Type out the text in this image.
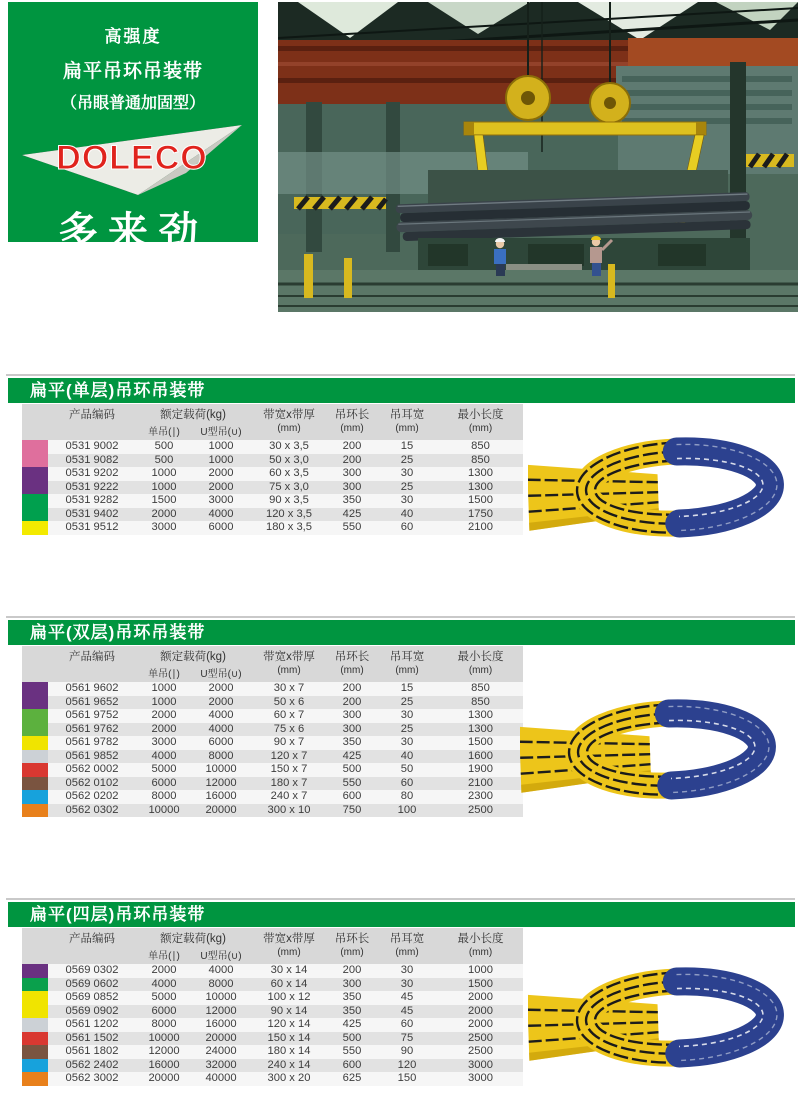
高强度
扁平吊环吊装带
（吊眼普通加固型）
DOLECO
多来劲
扁平(单层)吊环吊装带
产品编码	额定载荷(kg)	带宽x带厚	吊环长	吊耳宽	最小长度
单吊(∣)	U型吊(∪)	(mm)	(mm)	(mm)	(mm)
0531 9002	500	1000	30 x 3,5	200	15	850
0531 9082	500	1000	50 x 3,0	200	25	850
0531 9202	1000	2000	60 x 3,5	300	30	1300
0531 9222	1000	2000	75 x 3,0	300	25	1300
0531 9282	1500	3000	90 x 3,5	350	30	1500
0531 9402	2000	4000	120 x 3,5	425	40	1750
0531 9512	3000	6000	180 x 3,5	550	60	2100
扁平(双层)吊环吊装带
产品编码	额定载荷(kg)	带宽x带厚	吊环长	吊耳宽	最小长度
单吊(∣)	U型吊(∪)	(mm)	(mm)	(mm)	(mm)
0561 9602	1000	2000	30 x 7	200	15	850
0561 9652	1000	2000	50 x 6	200	25	850
0561 9752	2000	4000	60 x 7	300	30	1300
0561 9762	2000	4000	75 x 6	300	25	1300
0561 9782	3000	6000	90 x 7	350	30	1500
0561 9852	4000	8000	120 x 7	425	40	1600
0562 0002	5000	10000	150 x 7	500	50	1900
0562 0102	6000	12000	180 x 7	550	60	2100
0562 0202	8000	16000	240 x 7	600	80	2300
0562 0302	10000	20000	300 x 10	750	100	2500
扁平(四层)吊环吊装带
产品编码	额定载荷(kg)	带宽x带厚	吊环长	吊耳宽	最小长度
单吊(∣)	U型吊(∪)	(mm)	(mm)	(mm)	(mm)
0569 0302	2000	4000	30 x 14	200	30	1000
0569 0602	4000	8000	60 x 14	300	30	1500
0569 0852	5000	10000	100 x 12	350	45	2000
0569 0902	6000	12000	90 x 14	350	45	2000
0561 1202	8000	16000	120 x 14	425	60	2000
0561 1502	10000	20000	150 x 14	500	75	2500
0561 1802	12000	24000	180 x 14	550	90	2500
0562 2402	16000	32000	240 x 14	600	120	3000
0562 3002	20000	40000	300 x 20	625	150	3000
